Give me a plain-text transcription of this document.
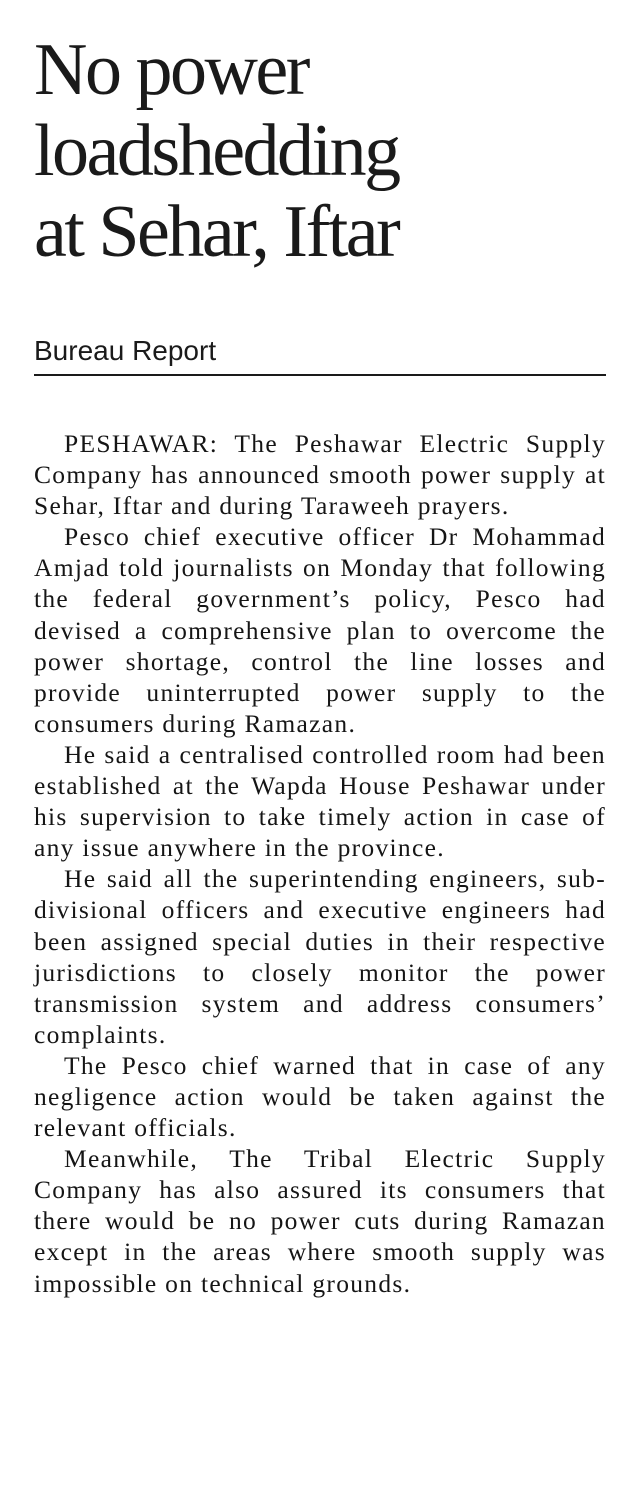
No power
loadshedding
at Sehar, Iftar
Bureau Report

PESHAWAR: The Peshawar Electric Supply Company has announced smooth power supply at Sehar, Iftar and during Taraweeh prayers.

Pesco chief executive officer Dr Mohammad Amjad told journalists on Monday that following the federal government’s policy, Pesco had devised a comprehensive plan to overcome the power shortage, control the line losses and provide uninterrupted power supply to the consumers during Ramazan.

He said a centralised controlled room had been established at the Wapda House Peshawar under his supervision to take timely action in case of any issue anywhere in the province.

He said all the superintending engineers, sub-divisional officers and executive engineers had been assigned special duties in their respective jurisdictions to closely monitor the power transmission system and address consumers’ complaints.

The Pesco chief warned that in case of any negligence action would be taken against the relevant officials.

Meanwhile, The Tribal Electric Supply Company has also assured its consumers that there would be no power cuts during Ramazan except in the areas where smooth supply was impossible on technical grounds.
